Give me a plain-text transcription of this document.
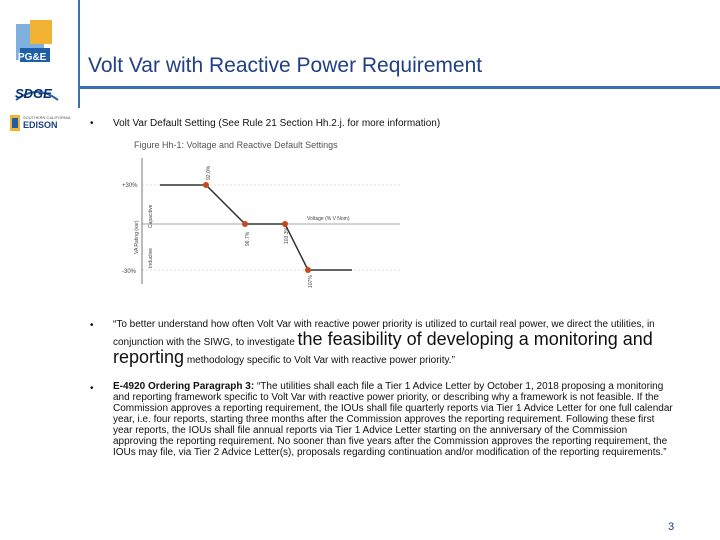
PG&E
SDGE
SOUTHERN CALIFORNIA
EDISON
Volt Var with Reactive Power Requirement
• Volt Var Default Setting (See Rule 21 Section Hh.2.j. for more information)
Figure Hh-1: Voltage and Reactive Default Settings
+30%
-30%
VA Rating (var)
Capacitive
Inductive
Voltage (% V Nom)
92.0%
96.7%	103.3%
107%
• “To better understand how often Volt Var with reactive power priority is utilized to curtail real power, we direct the utilities, in conjunction with the SIWG, to investigate the feasibility of developing a monitoring and reporting methodology specific to Volt Var with reactive power priority.”
• E-4920 Ordering Paragraph 3: “The utilities shall each file a Tier 1 Advice Letter by October 1, 2018 proposing a monitoring and reporting framework specific to Volt Var with reactive power priority, or describing why a framework is not feasible. If the Commission approves a reporting requirement, the IOUs shall file quarterly reports via Tier 1 Advice Letter for one full calendar year, i.e. four reports, starting three months after the Commission approves the reporting requirement. Following these first year reports, the IOUs shall file annual reports via Tier 1 Advice Letter starting on the anniversary of the Commission approving the reporting requirement. No sooner than five years after the Commission approves the reporting requirement, the IOUs may file, via Tier 2 Advice Letter(s), proposals regarding continuation and/or modification of the reporting requirements.”
3
